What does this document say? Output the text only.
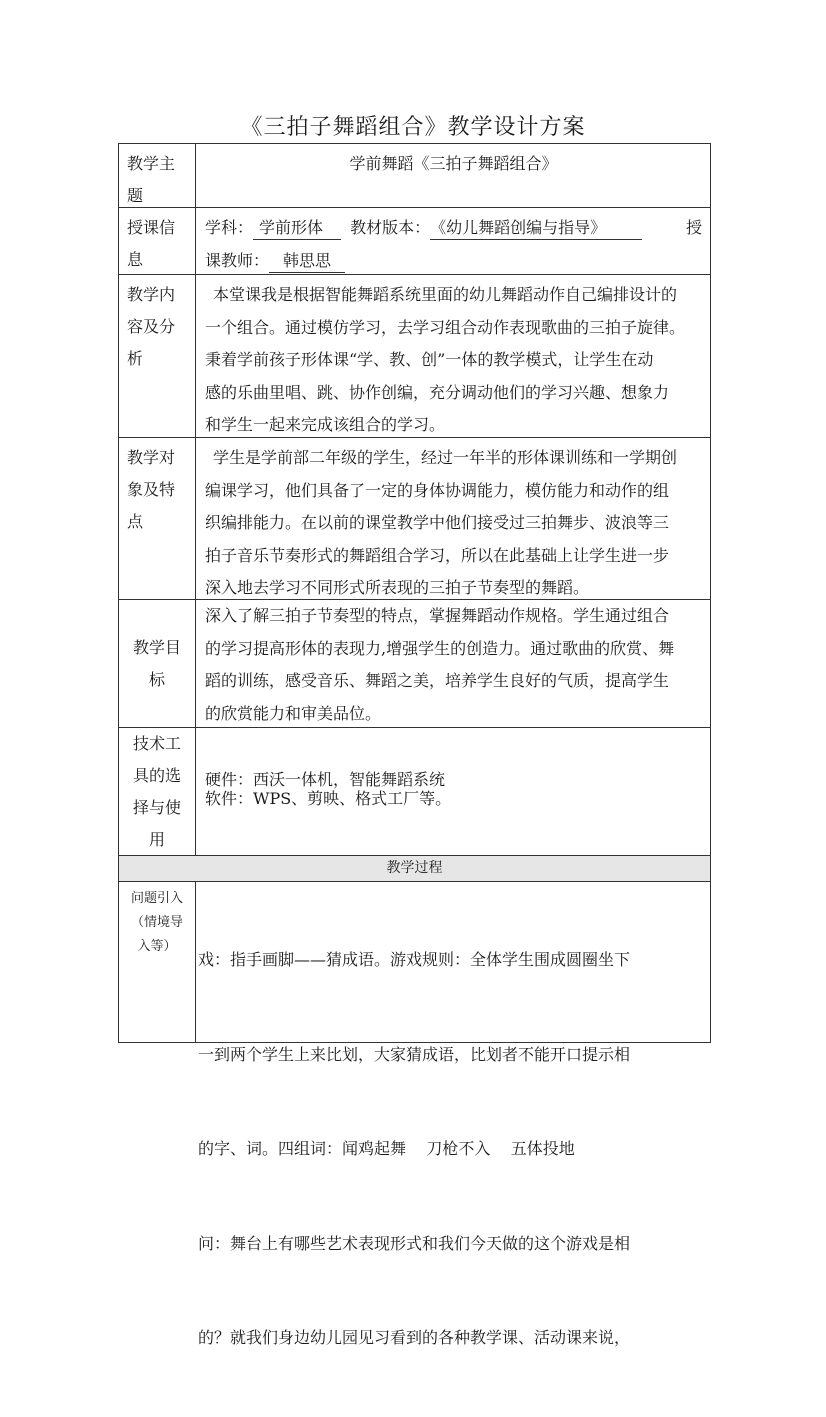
《三拍子舞蹈组合》教学设计方案
教学主
题
学前舞蹈《三拍子舞蹈组合》
授课信
息
学科： 学前形体 教材版本：《幼儿舞蹈创编与指导》	授
课教师： 韩思思
教学内
容及分
析
本堂课我是根据智能舞蹈系统里面的幼儿舞蹈动作自己编排设计的
一个组合。通过模仿学习，去学习组合动作表现歌曲的三拍子旋律。
秉着学前孩子形体课“学、教、创”一体的教学模式，让学生在动
感的乐曲里唱、跳、协作创编，充分调动他们的学习兴趣、想象力
和学生一起来完成该组合的学习。
教学对
象及特
点
学生是学前部二年级的学生，经过一年半的形体课训练和一学期创
编课学习，他们具备了一定的身体协调能力，模仿能力和动作的组
织编排能力。在以前的课堂教学中他们接受过三拍舞步、波浪等三
拍子音乐节奏形式的舞蹈组合学习，所以在此基础上让学生进一步
深入地去学习不同形式所表现的三拍子节奏型的舞蹈。
教学目
标
深入了解三拍子节奏型的特点，掌握舞蹈动作规格。学生通过组合
的学习提高形体的表现力,增强学生的创造力。通过歌曲的欣赏、舞
蹈的训练，感受音乐、舞蹈之美，培养学生良好的气质，提高学生
的欣赏能力和审美品位。
技术工
具的选
择与使
用
硬件：西沃一体机，智能舞蹈系统
软件：WPS、剪映、格式工厂等。
教学过程
问题引入
（情境导
入等）

戏：指手画脚——猜成语。游戏规则：全体学生围成圆圈坐下

一到两个学生上来比划，大家猜成语，比划者不能开口提示相

的字、词。四组词：闻鸡起舞    刀枪不入    五体投地

问：舞台上有哪些艺术表现形式和我们今天做的这个游戏是相

的？就我们身边幼儿园见习看到的各种教学课、活动课来说，
